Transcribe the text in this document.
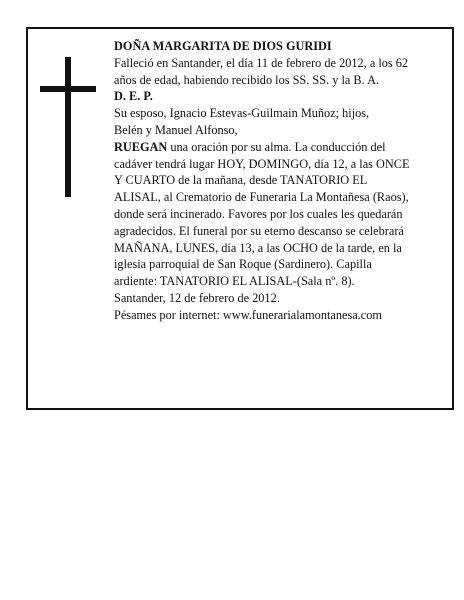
DOÑA MARGARITA DE DIOS GURIDI

Falleció en Santander, el día 11 de febrero de 2012, a los 62 años de edad, habiendo recibido los SS. SS. y la B. A.

D. E. P.

Su esposo, Ignacio Estevas-Guilmain Muñoz; hijos,

Belén y Manuel Alfonso,

RUEGAN una oración por su alma. La conducción del cadáver tendrá lugar HOY, DOMINGO, día 12, a las ONCE Y CUARTO de la mañana, desde TANATORIO EL ALISAL, al Crematorio de Funeraria La Montañesa (Raos), donde será incinerado. Favores por los cuales les quedarán agradecidos. El funeral por su eterno descanso se celebrará MAÑANA, LUNES, día 13, a las OCHO de la tarde, en la iglesia parroquial de San Roque (Sardinero). Capilla ardiente: TANATORIO EL ALISAL-(Sala nº. 8).

Santander, 12 de febrero de 2012.

Pésames por internet: www.funerarialamontanesa.com
